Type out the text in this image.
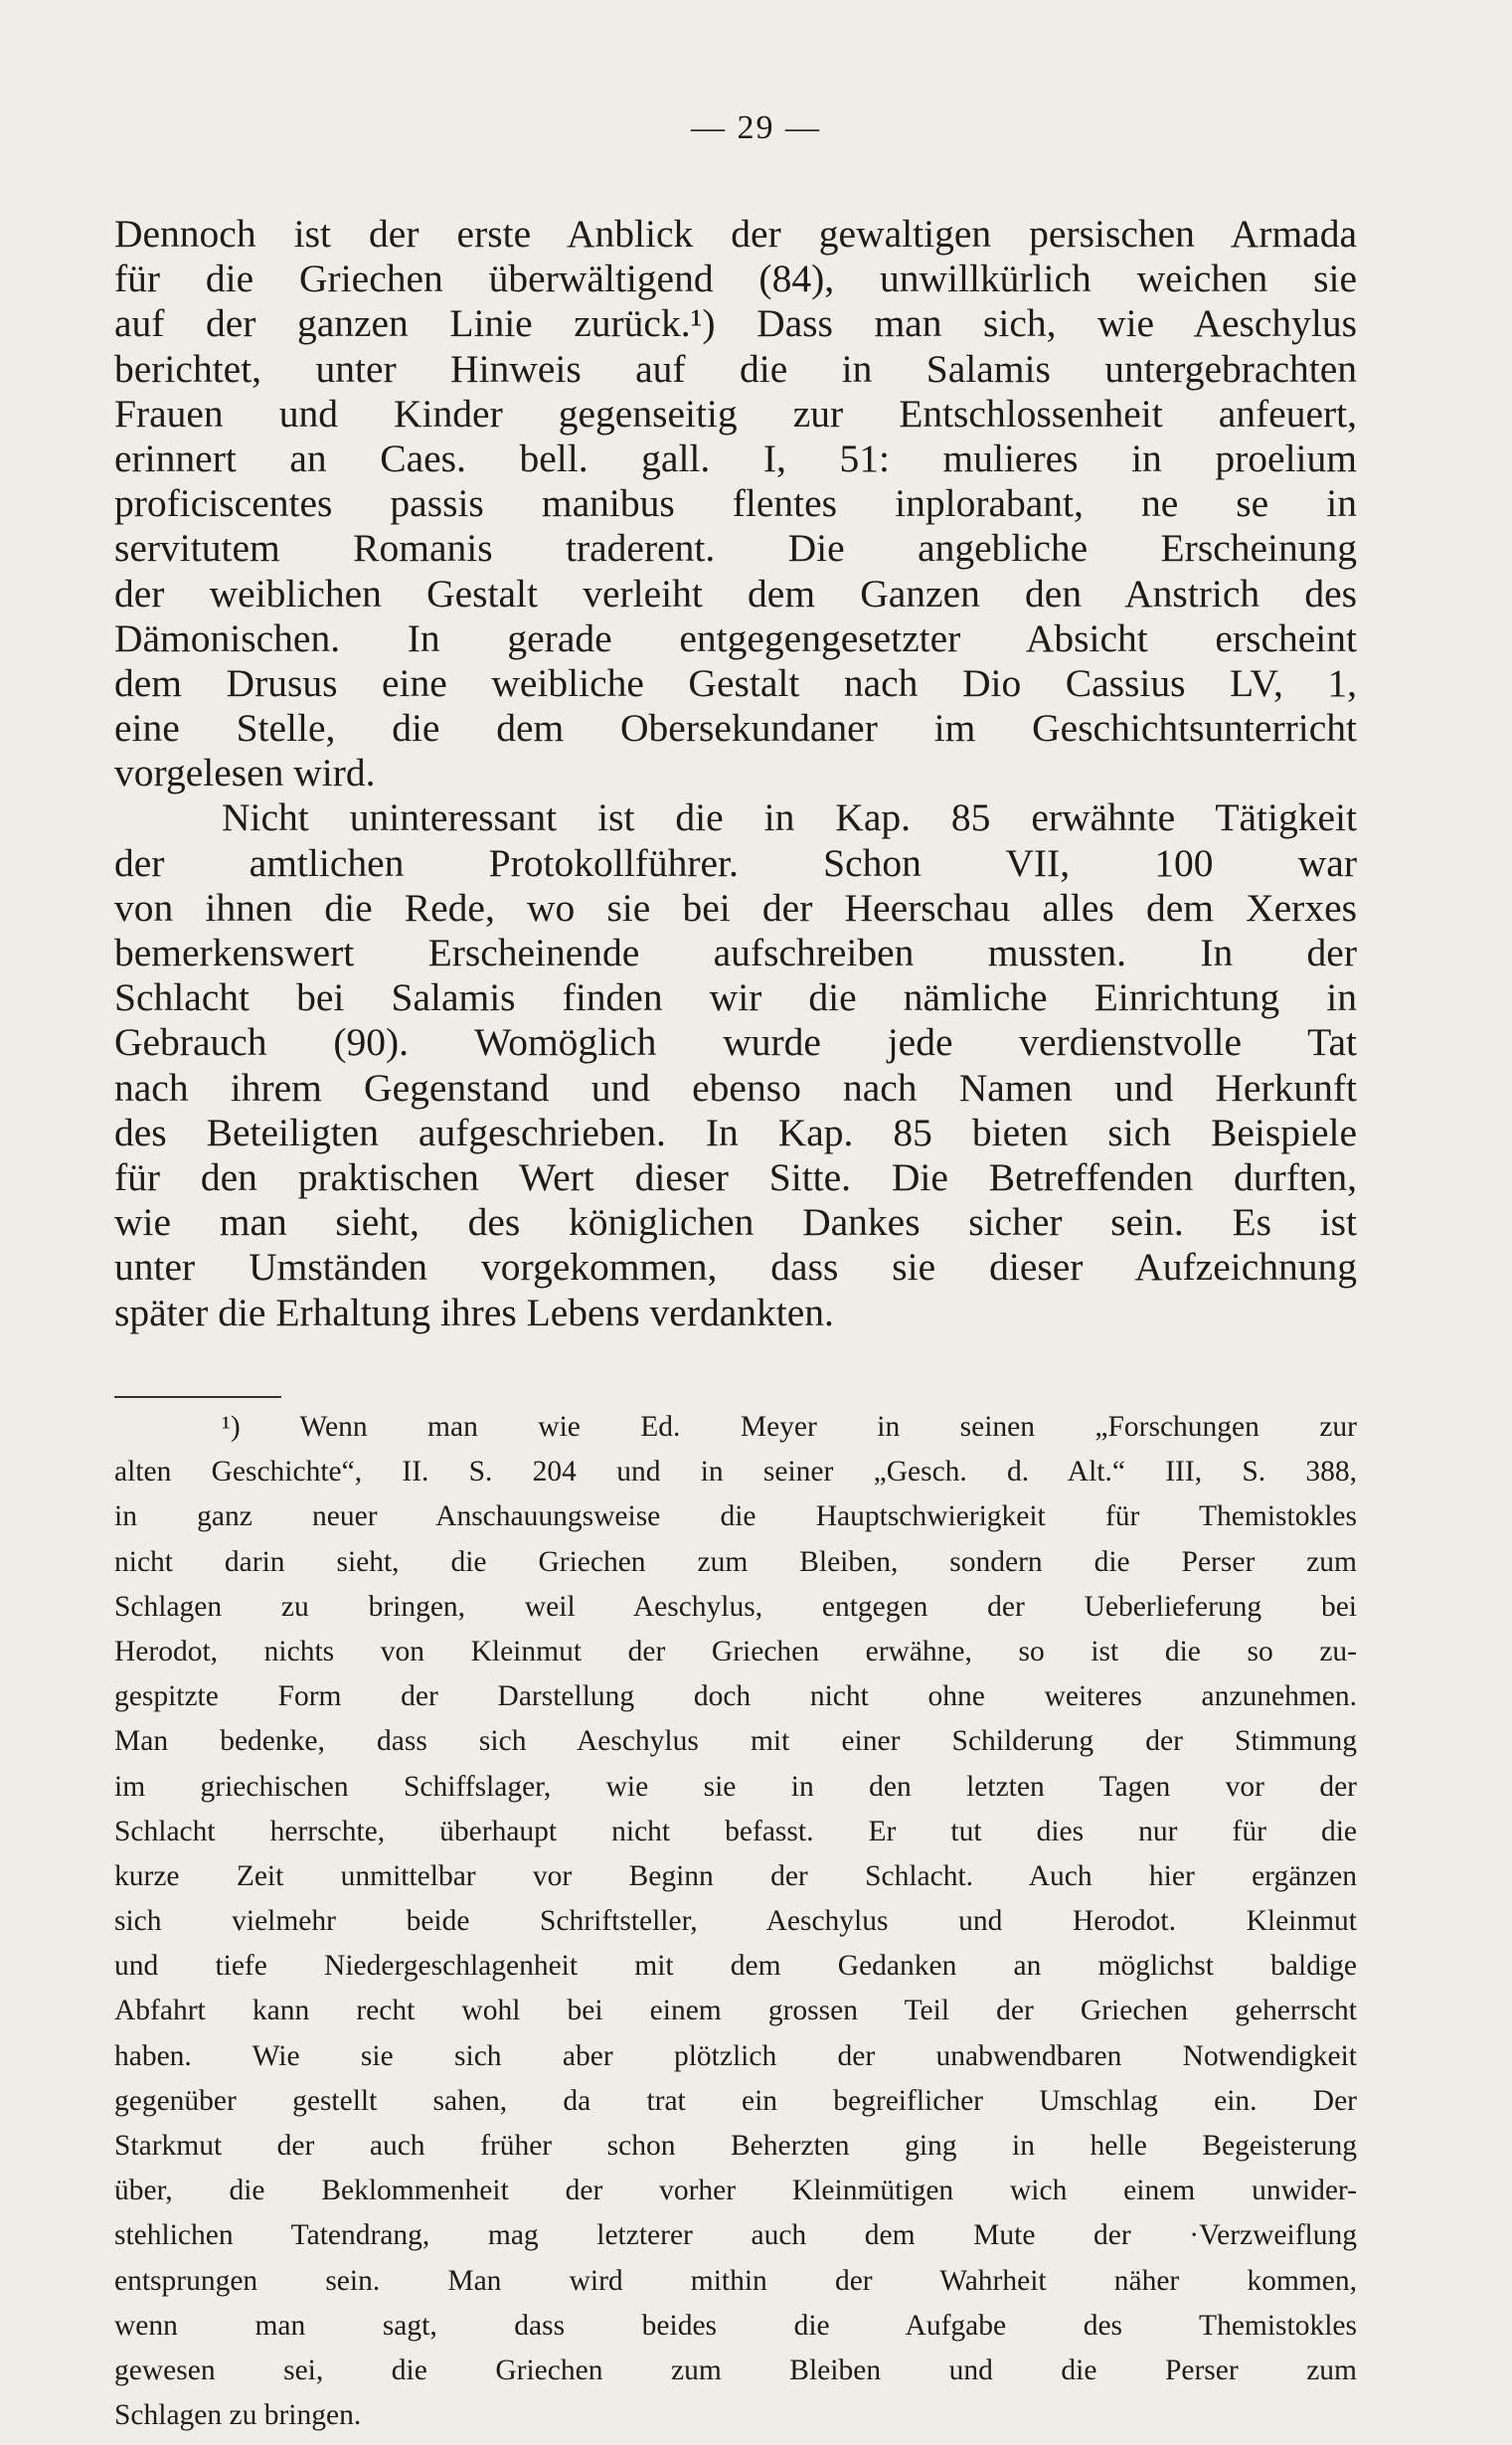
— 29 —
Dennoch ist der erste Anblick der gewaltigen persischen Armada
für die Griechen überwältigend (84), unwillkürlich weichen sie
auf der ganzen Linie zurück.¹) Dass man sich, wie Aeschylus
berichtet, unter Hinweis auf die in Salamis untergebrachten
Frauen und Kinder gegenseitig zur Entschlossenheit anfeuert,
erinnert an Caes. bell. gall. I, 51: mulieres in proelium
proficiscentes passis manibus flentes inplorabant, ne se in
servitutem Romanis traderent. Die angebliche Erscheinung
der weiblichen Gestalt verleiht dem Ganzen den Anstrich des
Dämonischen. In gerade entgegengesetzter Absicht erscheint
dem Drusus eine weibliche Gestalt nach Dio Cassius LV, 1,
eine Stelle, die dem Obersekundaner im Geschichtsunterricht
vorgelesen wird.
Nicht uninteressant ist die in Kap. 85 erwähnte Tätigkeit
der amtlichen Protokollführer. Schon VII, 100 war
von ihnen die Rede, wo sie bei der Heerschau alles dem Xerxes
bemerkenswert Erscheinende aufschreiben mussten. In der
Schlacht bei Salamis finden wir die nämliche Einrichtung in
Gebrauch (90). Womöglich wurde jede verdienstvolle Tat
nach ihrem Gegenstand und ebenso nach Namen und Herkunft
des Beteiligten aufgeschrieben. In Kap. 85 bieten sich Beispiele
für den praktischen Wert dieser Sitte. Die Betreffenden durften,
wie man sieht, des königlichen Dankes sicher sein. Es ist
unter Umständen vorgekommen, dass sie dieser Aufzeichnung
später die Erhaltung ihres Lebens verdankten.
¹) Wenn man wie Ed. Meyer in seinen „Forschungen zur
alten Geschichte“, II. S. 204 und in seiner „Gesch. d. Alt.“ III, S. 388,
in ganz neuer Anschauungsweise die Hauptschwierigkeit für Themistokles
nicht darin sieht, die Griechen zum Bleiben, sondern die Perser zum
Schlagen zu bringen, weil Aeschylus, entgegen der Ueberlieferung bei
Herodot, nichts von Kleinmut der Griechen erwähne, so ist die so zu-
gespitzte Form der Darstellung doch nicht ohne weiteres anzunehmen.
Man bedenke, dass sich Aeschylus mit einer Schilderung der Stimmung
im griechischen Schiffslager, wie sie in den letzten Tagen vor der
Schlacht herrschte, überhaupt nicht befasst. Er tut dies nur für die
kurze Zeit unmittelbar vor Beginn der Schlacht. Auch hier ergänzen
sich vielmehr beide Schriftsteller, Aeschylus und Herodot. Kleinmut
und tiefe Niedergeschlagenheit mit dem Gedanken an möglichst baldige
Abfahrt kann recht wohl bei einem grossen Teil der Griechen geherrscht
haben. Wie sie sich aber plötzlich der unabwendbaren Notwendigkeit
gegenüber gestellt sahen, da trat ein begreiflicher Umschlag ein. Der
Starkmut der auch früher schon Beherzten ging in helle Begeisterung
über, die Beklommenheit der vorher Kleinmütigen wich einem unwider-
stehlichen Tatendrang, mag letzterer auch dem Mute der ·Verzweiflung
entsprungen sein. Man wird mithin der Wahrheit näher kommen,
wenn man sagt, dass beides die Aufgabe des Themistokles
gewesen sei, die Griechen zum Bleiben und die Perser zum
Schlagen zu bringen.
